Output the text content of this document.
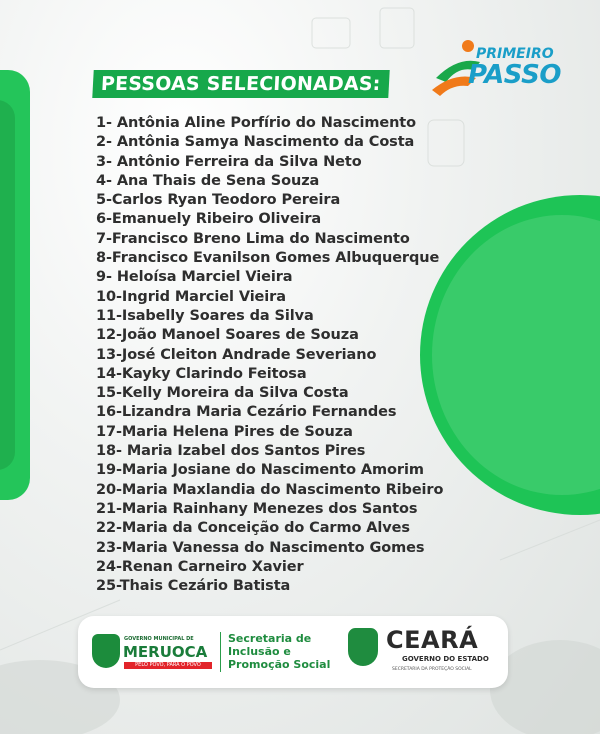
PESSOAS SELECIONADAS:
PRIMEIRO
PASSO
1- Antônia Aline Porfírio do Nascimento
2- Antônia Samya Nascimento da Costa
3- Antônio Ferreira da Silva Neto
4- Ana Thais de Sena Souza
5-Carlos Ryan Teodoro Pereira
6-Emanuely Ribeiro Oliveira
7-Francisco Breno Lima do Nascimento
8-Francisco Evanilson Gomes Albuquerque
9- Heloísa Marciel Vieira
10-Ingrid Marciel Vieira
11-Isabelly Soares da Silva
12-João Manoel Soares de Souza
13-José Cleiton Andrade Severiano
14-Kayky Clarindo Feitosa
15-Kelly Moreira da Silva Costa
16-Lizandra Maria Cezário Fernandes
17-Maria Helena Pires de Souza
18- Maria Izabel dos Santos Pires
19-Maria Josiane do Nascimento Amorim
20-Maria Maxlandia do Nascimento Ribeiro
21-Maria Rainhany Menezes dos Santos
22-Maria da Conceição do Carmo Alves
23-Maria Vanessa do Nascimento Gomes
24-Renan Carneiro Xavier
25-Thais Cezário Batista
GOVERNO MUNICIPAL DE
MERUOCA
PELO POVO, PARA O POVO
Secretaria de
Inclusão e
Promoção Social
CEARÁ
GOVERNO DO ESTADO
SECRETARIA DA PROTEÇÃO SOCIAL
